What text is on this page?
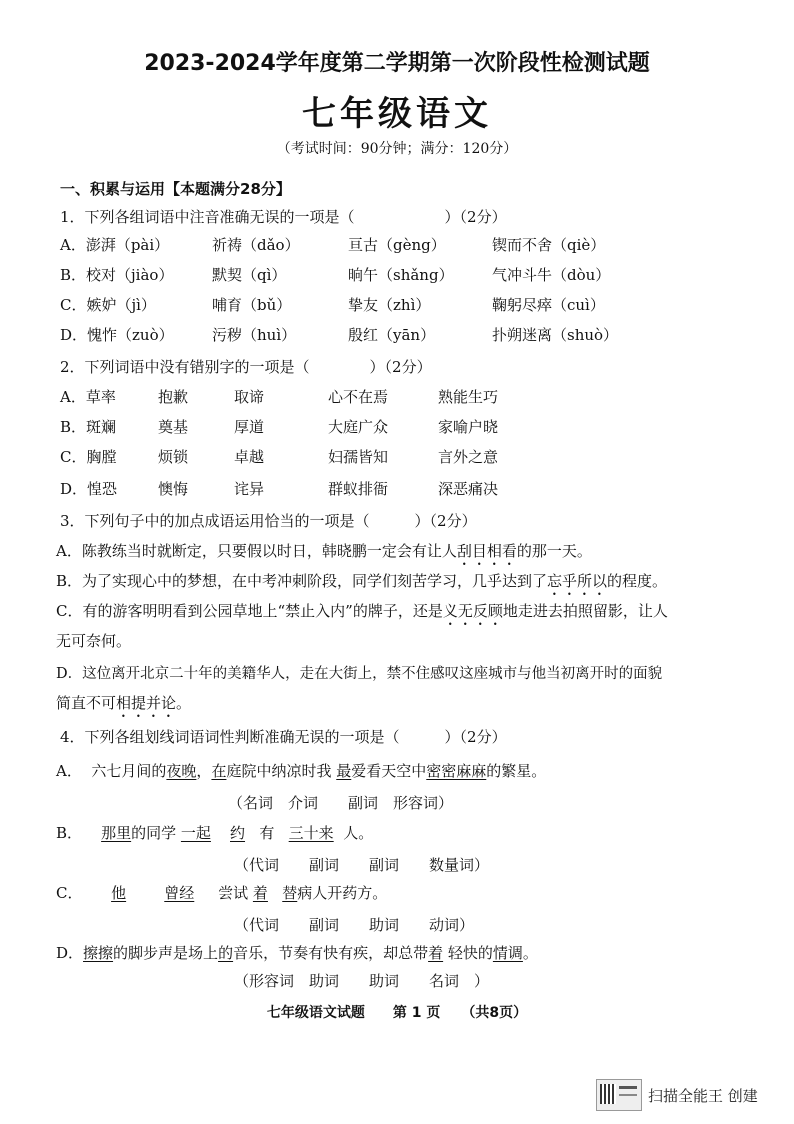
2023-2024学年度第二学期第一次阶段性检测试题
七年级语文
（考试时间：90分钟；满分：120分）
一、积累与运用【本题满分28分】
1．下列各组词语中注音准确无误的一项是（　　　　　　）（2分）
A．澎湃（pài）	祈祷（dǎo）	亘古（gèng）	锲而不舍（qiè）
B．校对（jiào）	默契（qì）	晌午（shǎng）	气冲斗牛（dòu）
C．嫉妒（jì）	哺育（bǔ）	挚友（zhì）	鞠躬尽瘁（cuì）
D．愧怍（zuò）	污秽（huì）	殷红（yān）	扑朔迷离（shuò）
2．下列词语中没有错别字的一项是（　　　　）（2分）
A．草率	抱歉	取谛	心不在焉	熟能生巧
B．斑斓	奠基	厚道	大庭广众	家喻户晓
C．胸膛	烦锁	卓越	妇孺皆知	言外之意
D．惶恐	懊悔	诧异	群蚁排衙	深恶痛决
3．下列句子中的加点成语运用恰当的一项是（　　　）（2分）
A．陈教练当时就断定，只要假以时日，韩晓鹏一定会有让人刮目相看的那一天。
B．为了实现心中的梦想，在中考冲刺阶段，同学们刻苦学习，几乎达到了忘乎所以的程度。
C．有的游客明明看到公园草地上“禁止入内”的牌子，还是义无反顾地走进去拍照留影，让人
无可奈何。
D．这位离开北京二十年的美籍华人，走在大街上，禁不住感叹这座城市与他当初离开时的面貌
简直不可相提并论。
4．下列各组划线词语词性判断准确无误的一项是（　　　）（2分）
A． 六七月间的夜晚，在庭院中纳凉时我 最爱看天空中密密麻麻的繁星。
（名词　介词　　副词　形容词）
B． 那里的同学 一起 约 有 三十来 人。
（代词　　副词　　副词　　数量词）
C． 他	曾经 尝试 着 替病人开药方。
（代词　　副词　　助词　　动词）
D．擦擦的脚步声是场上的音乐，节奏有快有疾，却总带着 轻快的情调。
（形容词　助词　　助词　　名词　）
七年级语文试题　　第 1 页　　（共8页）
扫描全能王 创建
